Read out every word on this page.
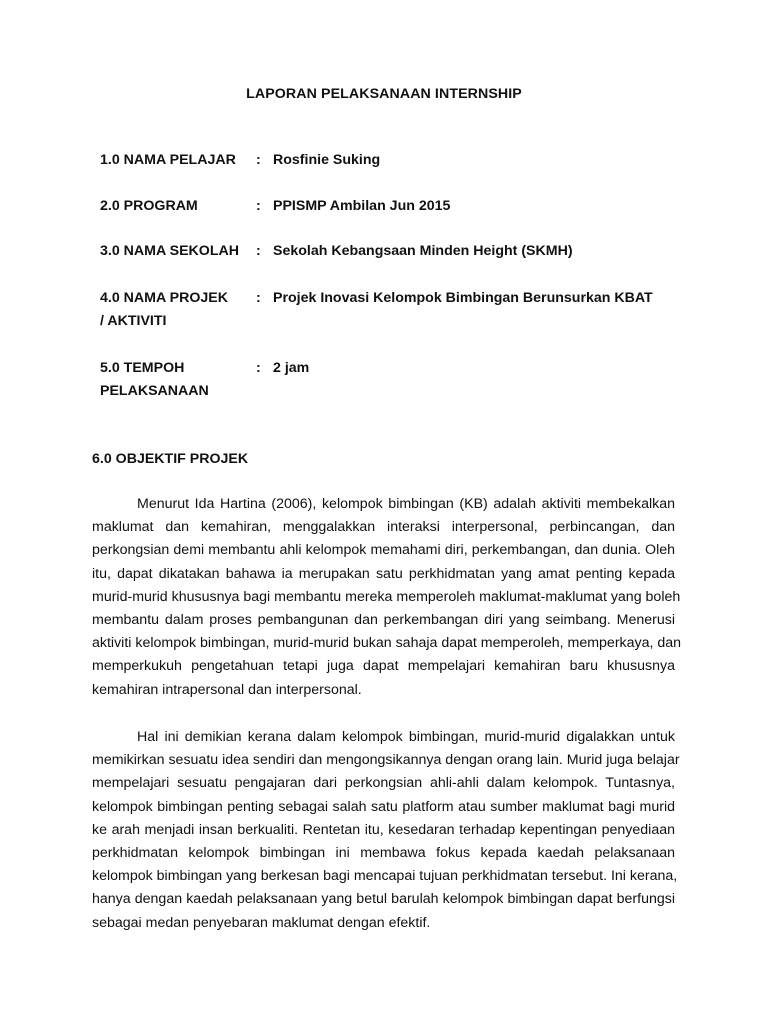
LAPORAN PELAKSANAAN INTERNSHIP
1.0 NAMA PELAJAR	: Rosfinie Suking
2.0 PROGRAM	: PPISMP Ambilan Jun 2015
3.0 NAMA SEKOLAH	: Sekolah Kebangsaan Minden Height (SKMH)
4.0 NAMA PROJEK	: Projek Inovasi Kelompok Bimbingan Berunsurkan KBAT
/ AKTIVITI
5.0 TEMPOH	: 2 jam
PELAKSANAAN
6.0 OBJEKTIF PROJEK
Menurut Ida Hartina (2006), kelompok bimbingan (KB) adalah aktiviti membekalkan
maklumat dan kemahiran, menggalakkan interaksi interpersonal, perbincangan, dan
perkongsian demi membantu ahli kelompok memahami diri, perkembangan, dan dunia. Oleh
itu, dapat dikatakan bahawa ia merupakan satu perkhidmatan yang amat penting kepada
murid-murid khususnya bagi membantu mereka memperoleh maklumat-maklumat yang boleh
membantu dalam proses pembangunan dan perkembangan diri yang seimbang. Menerusi
aktiviti kelompok bimbingan, murid-murid bukan sahaja dapat memperoleh, memperkaya, dan
memperkukuh pengetahuan tetapi juga dapat mempelajari kemahiran baru khususnya
kemahiran intrapersonal dan interpersonal.
Hal ini demikian kerana dalam kelompok bimbingan, murid-murid digalakkan untuk
memikirkan sesuatu idea sendiri dan mengongsikannya dengan orang lain. Murid juga belajar
mempelajari sesuatu pengajaran dari perkongsian ahli-ahli dalam kelompok. Tuntasnya,
kelompok bimbingan penting sebagai salah satu platform atau sumber maklumat bagi murid
ke arah menjadi insan berkualiti. Rentetan itu, kesedaran terhadap kepentingan penyediaan
perkhidmatan kelompok bimbingan ini membawa fokus kepada kaedah pelaksanaan
kelompok bimbingan yang berkesan bagi mencapai tujuan perkhidmatan tersebut. Ini kerana,
hanya dengan kaedah pelaksanaan yang betul barulah kelompok bimbingan dapat berfungsi
sebagai medan penyebaran maklumat dengan efektif.
